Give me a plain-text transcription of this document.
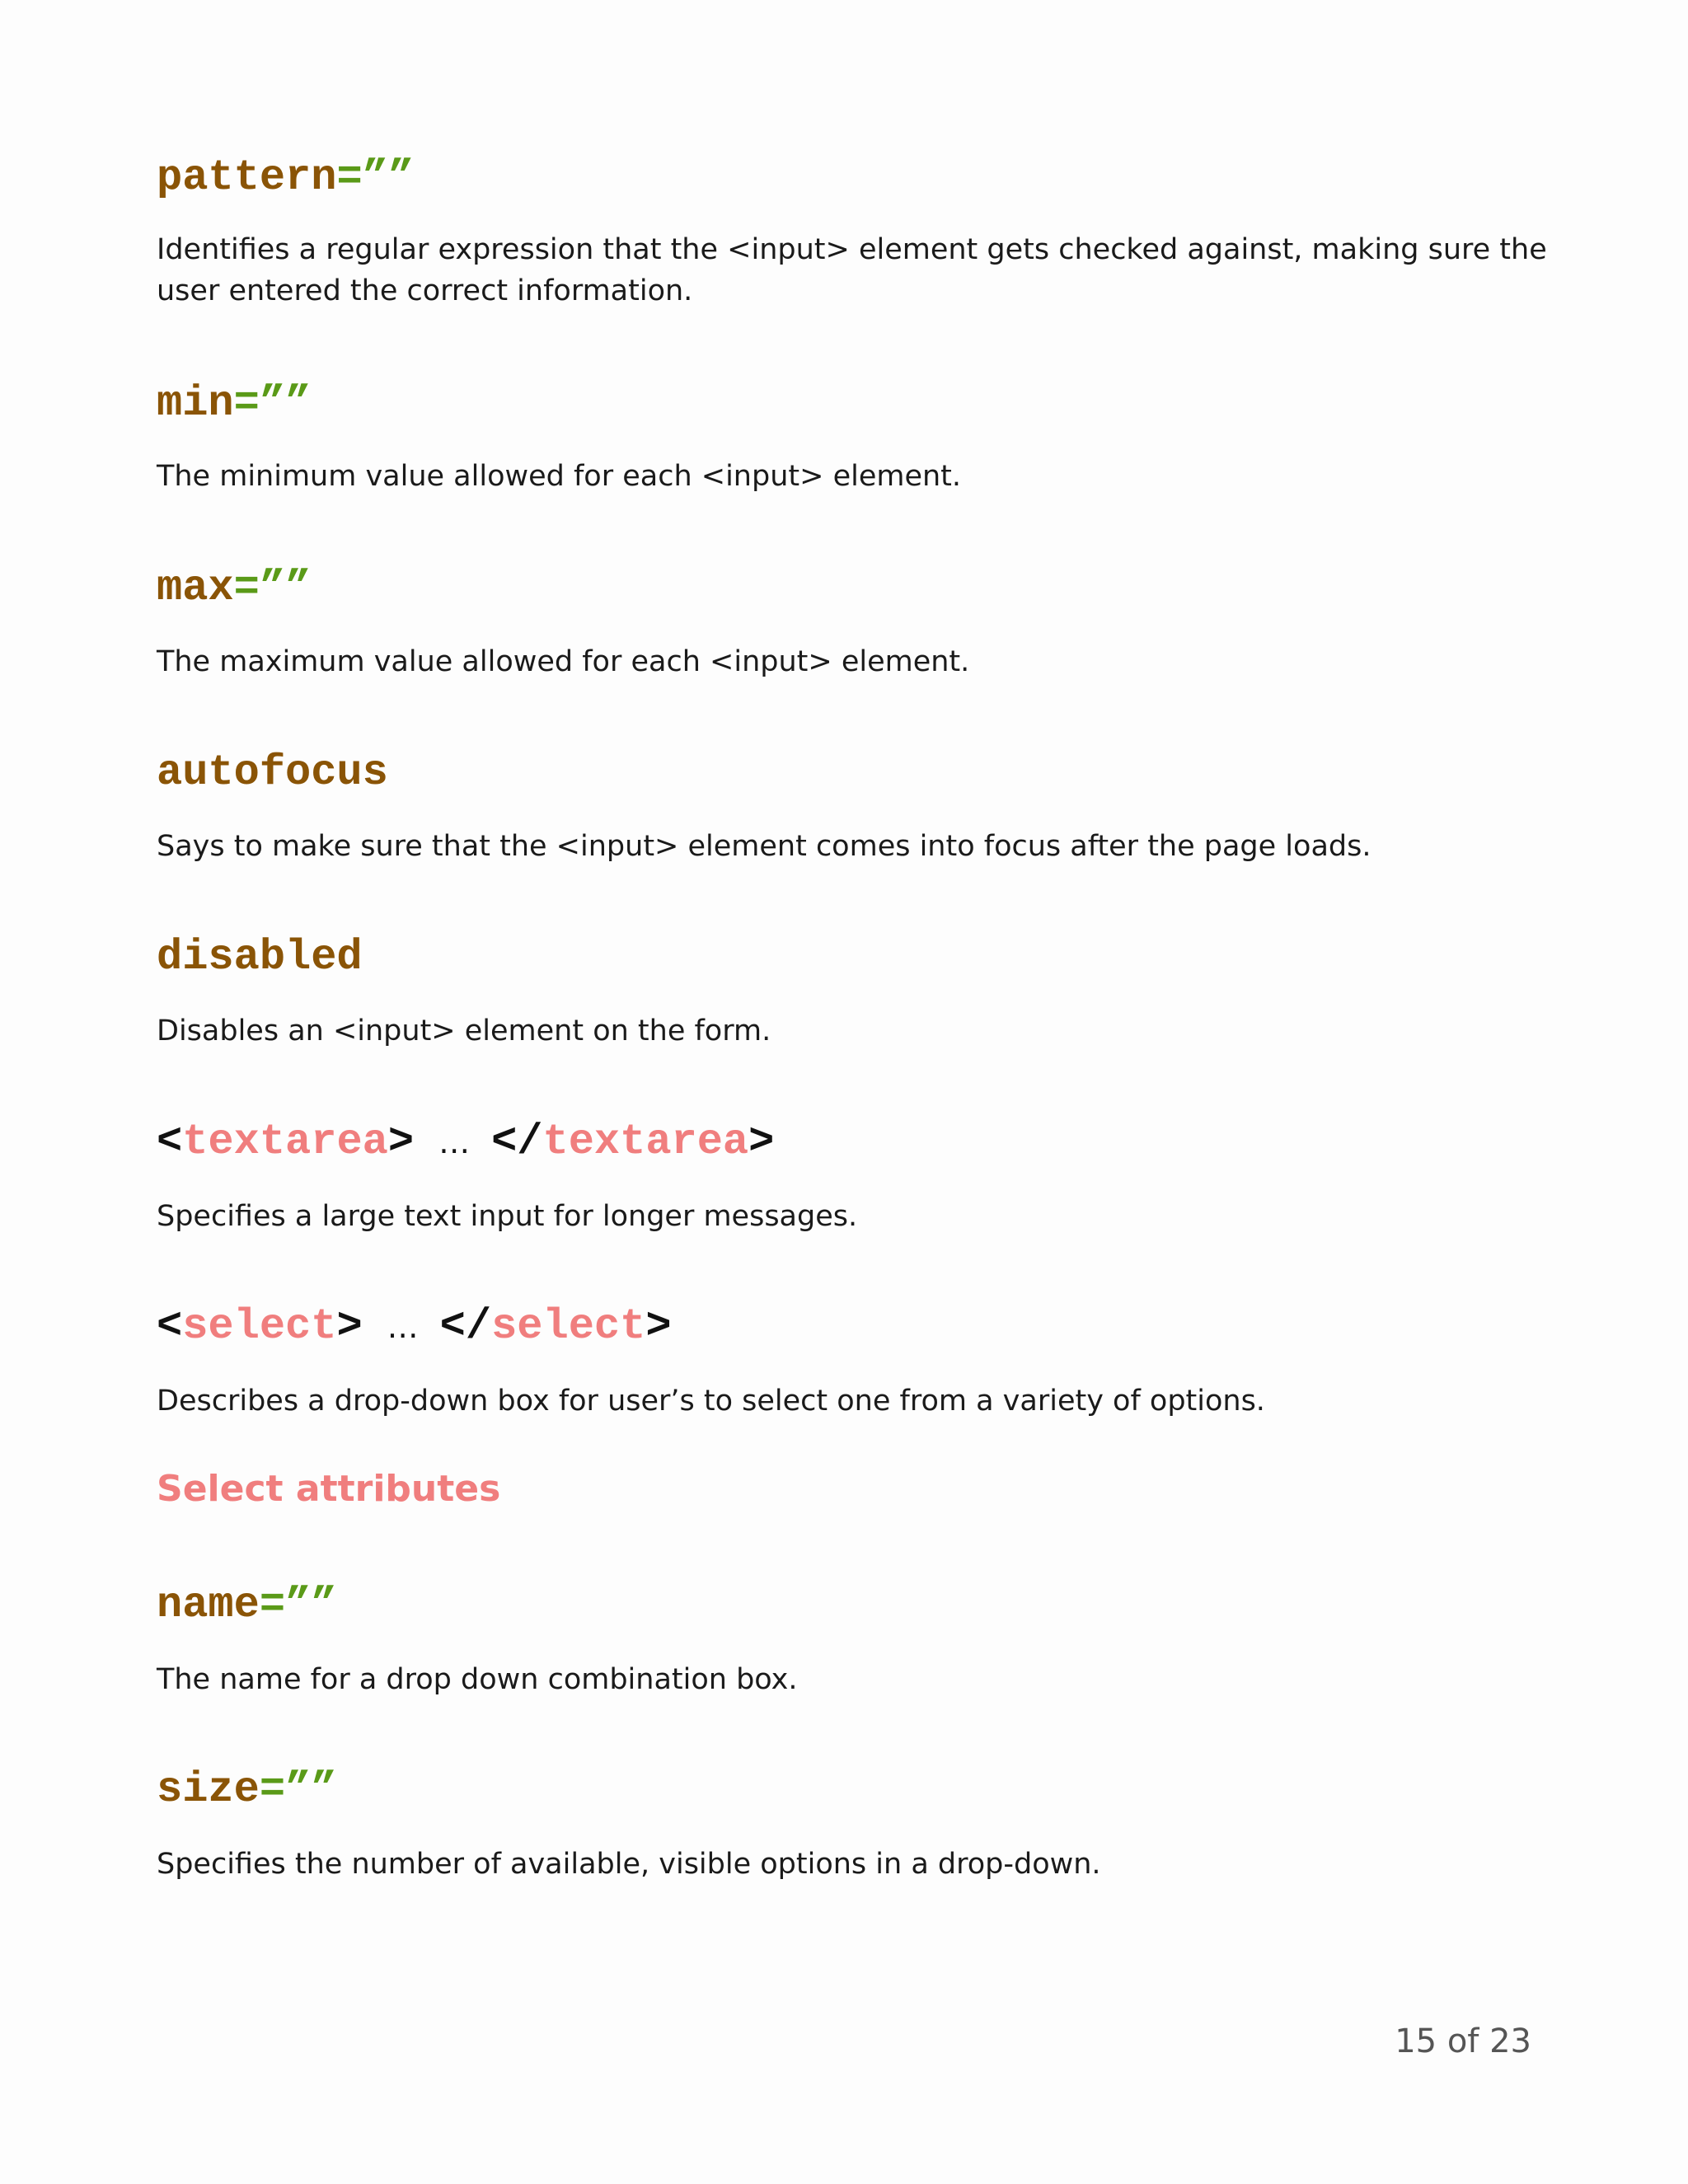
pattern=””

Identifies a regular expression that the <input> element gets checked against, making sure the user entered the correct information.

min=””

The minimum value allowed for each <input> element.

max=””

The maximum value allowed for each <input> element.

autofocus

Says to make sure that the <input> element comes into focus after the page loads.

disabled

Disables an <input> element on the form.

<textarea> … </textarea>

Specifies a large text input for longer messages.

<select> … </select>

Describes a drop-down box for user’s to select one from a variety of options.

Select attributes
name=””

The name for a drop down combination box.

size=””

Specifies the number of available, visible options in a drop-down.

15 of 23
